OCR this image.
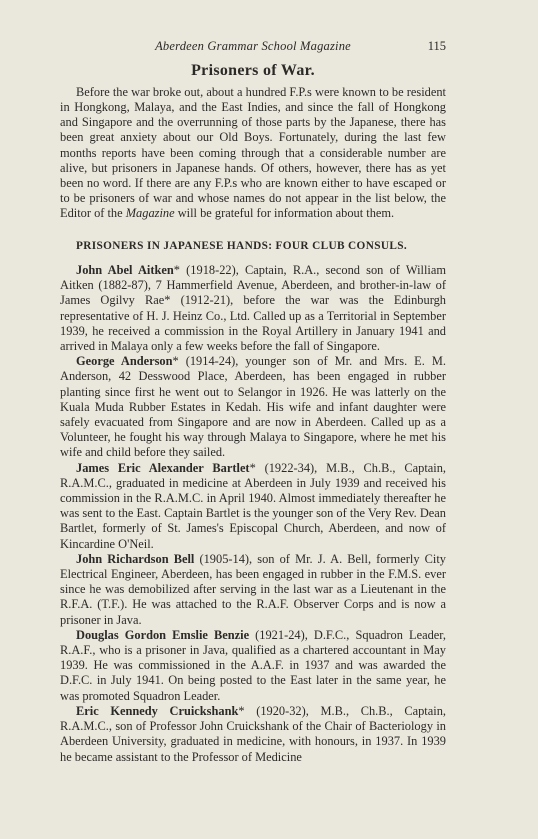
Aberdeen Grammar School Magazine	115
Prisoners of War.

Before the war broke out, about a hundred F.P.s were known to be resident in Hongkong, Malaya, and the East Indies, and since the fall of Hongkong and Singapore and the overrunning of those parts by the Japanese, there has been great anxiety about our Old Boys. Fortunately, during the last few months reports have been coming through that a considerable number are alive, but prisoners in Japanese hands. Of others, however, there has as yet been no word. If there are any F.P.s who are known either to have escaped or to be prisoners of war and whose names do not appear in the list below, the Editor of the Magazine will be grateful for information about them.

PRISONERS IN JAPANESE HANDS: FOUR CLUB CONSULS.

John Abel Aitken* (1918-22), Captain, R.A., second son of William Aitken (1882-87), 7 Hammerfield Avenue, Aberdeen, and brother-in-law of James Ogilvy Rae* (1912-21), before the war was the Edinburgh representative of H. J. Heinz Co., Ltd. Called up as a Territorial in September 1939, he received a commission in the Royal Artillery in January 1941 and arrived in Malaya only a few weeks before the fall of Singapore.

George Anderson* (1914-24), younger son of Mr. and Mrs. E. M. Anderson, 42 Desswood Place, Aberdeen, has been engaged in rubber planting since first he went out to Selangor in 1926. He was latterly on the Kuala Muda Rubber Estates in Kedah. His wife and infant daughter were safely evacuated from Singapore and are now in Aberdeen. Called up as a Volunteer, he fought his way through Malaya to Singapore, where he met his wife and child before they sailed.

James Eric Alexander Bartlet* (1922-34), M.B., Ch.B., Captain, R.A.M.C., graduated in medicine at Aberdeen in July 1939 and received his commission in the R.A.M.C. in April 1940. Almost immediately thereafter he was sent to the East. Captain Bartlet is the younger son of the Very Rev. Dean Bartlet, formerly of St. James's Episcopal Church, Aberdeen, and now of Kincardine O'Neil.

John Richardson Bell (1905-14), son of Mr. J. A. Bell, formerly City Electrical Engineer, Aberdeen, has been engaged in rubber in the F.M.S. ever since he was demobilized after serving in the last war as a Lieutenant in the R.F.A. (T.F.). He was attached to the R.A.F. Observer Corps and is now a prisoner in Java.

Douglas Gordon Emslie Benzie (1921-24), D.F.C., Squadron Leader, R.A.F., who is a prisoner in Java, qualified as a chartered accountant in May 1939. He was commissioned in the A.A.F. in 1937 and was awarded the D.F.C. in July 1941. On being posted to the East later in the same year, he was promoted Squadron Leader.

Eric Kennedy Cruickshank* (1920-32), M.B., Ch.B., Captain, R.A.M.C., son of Professor John Cruickshank of the Chair of Bacteriology in Aberdeen University, graduated in medicine, with honours, in 1937. In 1939 he became assistant to the Professor of Medicine
